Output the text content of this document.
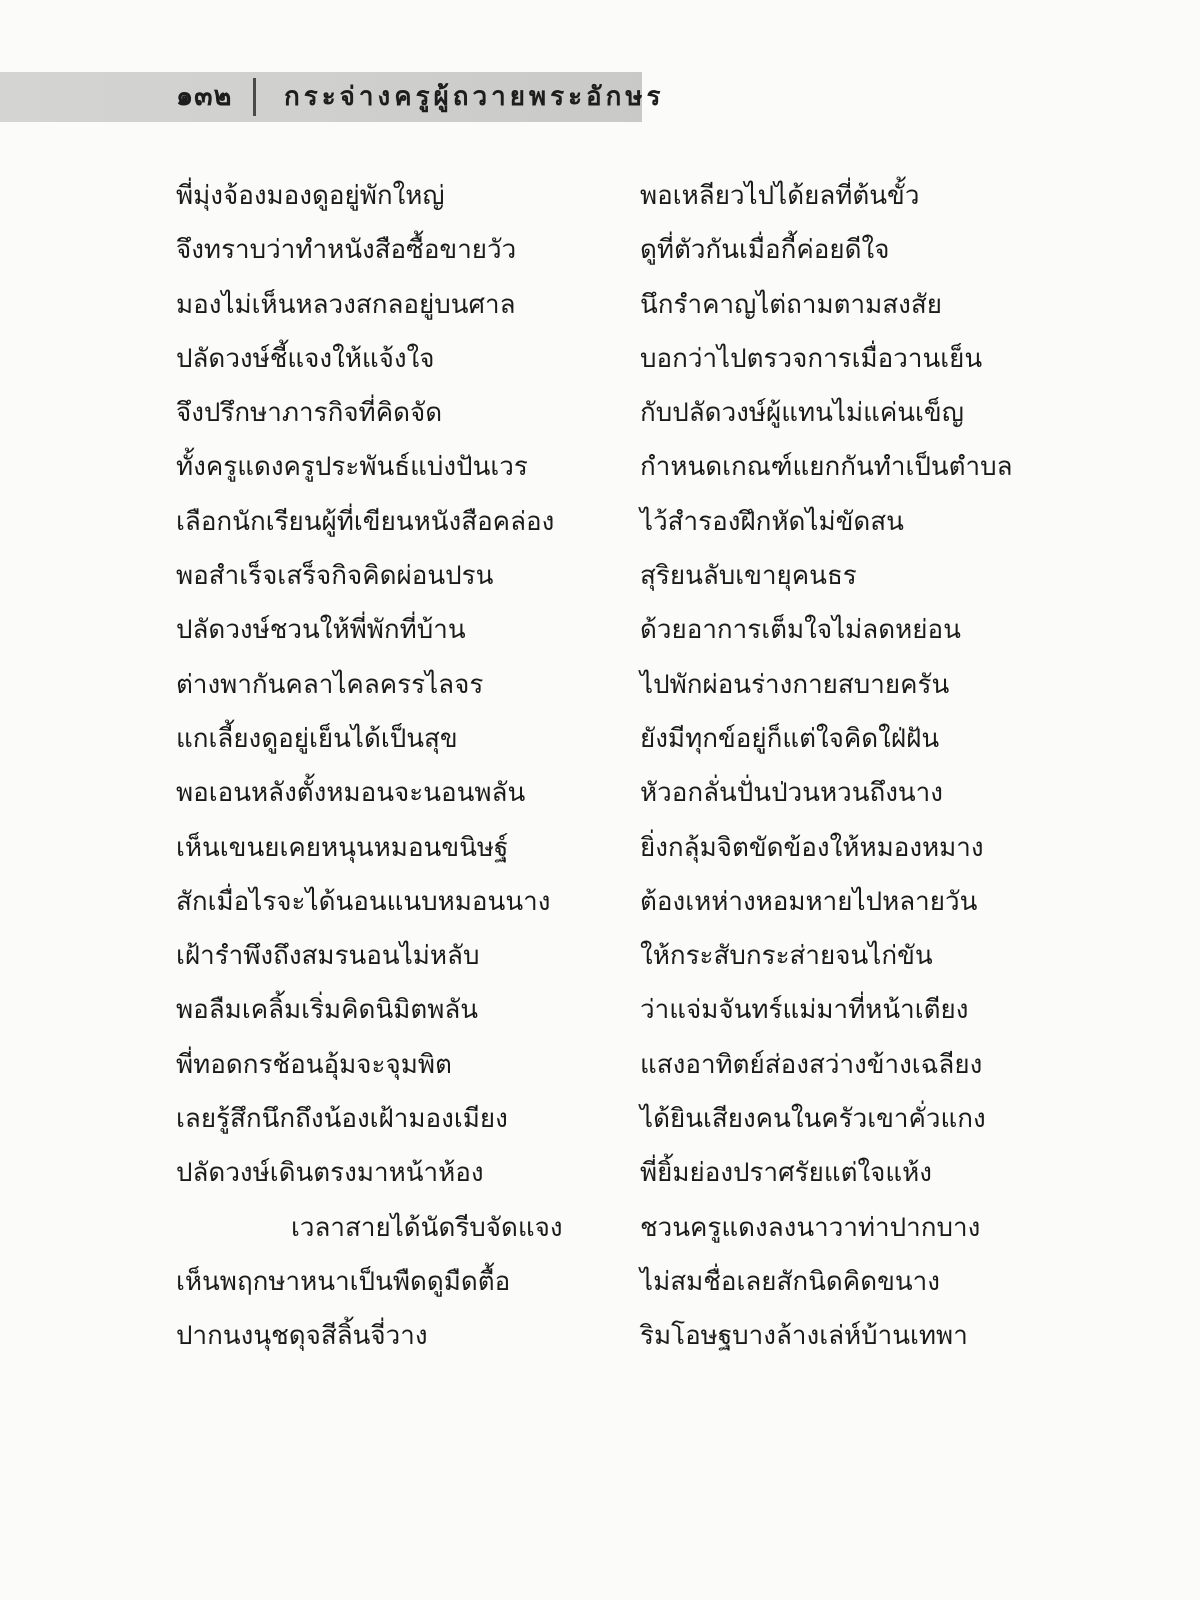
๑๓๒ กระจ่างครูผู้ถวายพระอักษร
พี่มุ่งจ้องมองดูอยู่พักใหญ่
จึงทราบว่าทำหนังสือซื้อขายวัว
มองไม่เห็นหลวงสกลอยู่บนศาล
ปลัดวงษ์ชี้แจงให้แจ้งใจ
จึงปรึกษาภารกิจที่คิดจัด
ทั้งครูแดงครูประพันธ์แบ่งปันเวร
เลือกนักเรียนผู้ที่เขียนหนังสือคล่อง
พอสำเร็จเสร็จกิจคิดผ่อนปรน
ปลัดวงษ์ชวนให้พี่พักที่บ้าน
ต่างพากันคลาไคลครรไลจร
แกเลี้ยงดูอยู่เย็นได้เป็นสุข
พอเอนหลังตั้งหมอนจะนอนพลัน
เห็นเขนยเคยหนุนหมอนขนิษฐ์
สักเมื่อไรจะได้นอนแนบหมอนนาง
เฝ้ารำพึงถึงสมรนอนไม่หลับ
พอลืมเคลิ้มเริ่มคิดนิมิตพลัน
พี่ทอดกรช้อนอุ้มจะจุมพิต
เลยรู้สึกนึกถึงน้องเฝ้ามองเมียง
ปลัดวงษ์เดินตรงมาหน้าห้อง
เวลาสายได้นัดรีบจัดแจง
เห็นพฤกษาหนาเป็นพืดดูมืดตื้อ
ปากนงนุชดุจสีลิ้นจี่วาง
พอเหลียวไปได้ยลที่ต้นขั้ว
ดูที่ตัวกันเมื่อกี้ค่อยดีใจ
นึกรำคาญไต่ถามตามสงสัย
บอกว่าไปตรวจการเมื่อวานเย็น
กับปลัดวงษ์ผู้แทนไม่แค่นเข็ญ
กำหนดเกณฑ์แยกกันทำเป็นตำบล
ไว้สำรองฝึกหัดไม่ขัดสน
สุริยนลับเขายุคนธร
ด้วยอาการเต็มใจไม่ลดหย่อน
ไปพักผ่อนร่างกายสบายครัน
ยังมีทุกข์อยู่ก็แต่ใจคิดใฝ่ฝัน
หัวอกลั่นปั่นป่วนหวนถึงนาง
ยิ่งกลุ้มจิตขัดข้องให้หมองหมาง
ต้องเหห่างหอมหายไปหลายวัน
ให้กระสับกระส่ายจนไก่ขัน
ว่าแจ่มจันทร์แม่มาที่หน้าเตียง
แสงอาทิตย์ส่องสว่างข้างเฉลียง
ได้ยินเสียงคนในครัวเขาคั่วแกง
พี่ยิ้มย่องปราศรัยแต่ใจแห้ง
ชวนครูแดงลงนาวาท่าปากบาง
ไม่สมชื่อเลยสักนิดคิดขนาง
ริมโอษฐบางล้างเล่ห์บ้านเทพา
